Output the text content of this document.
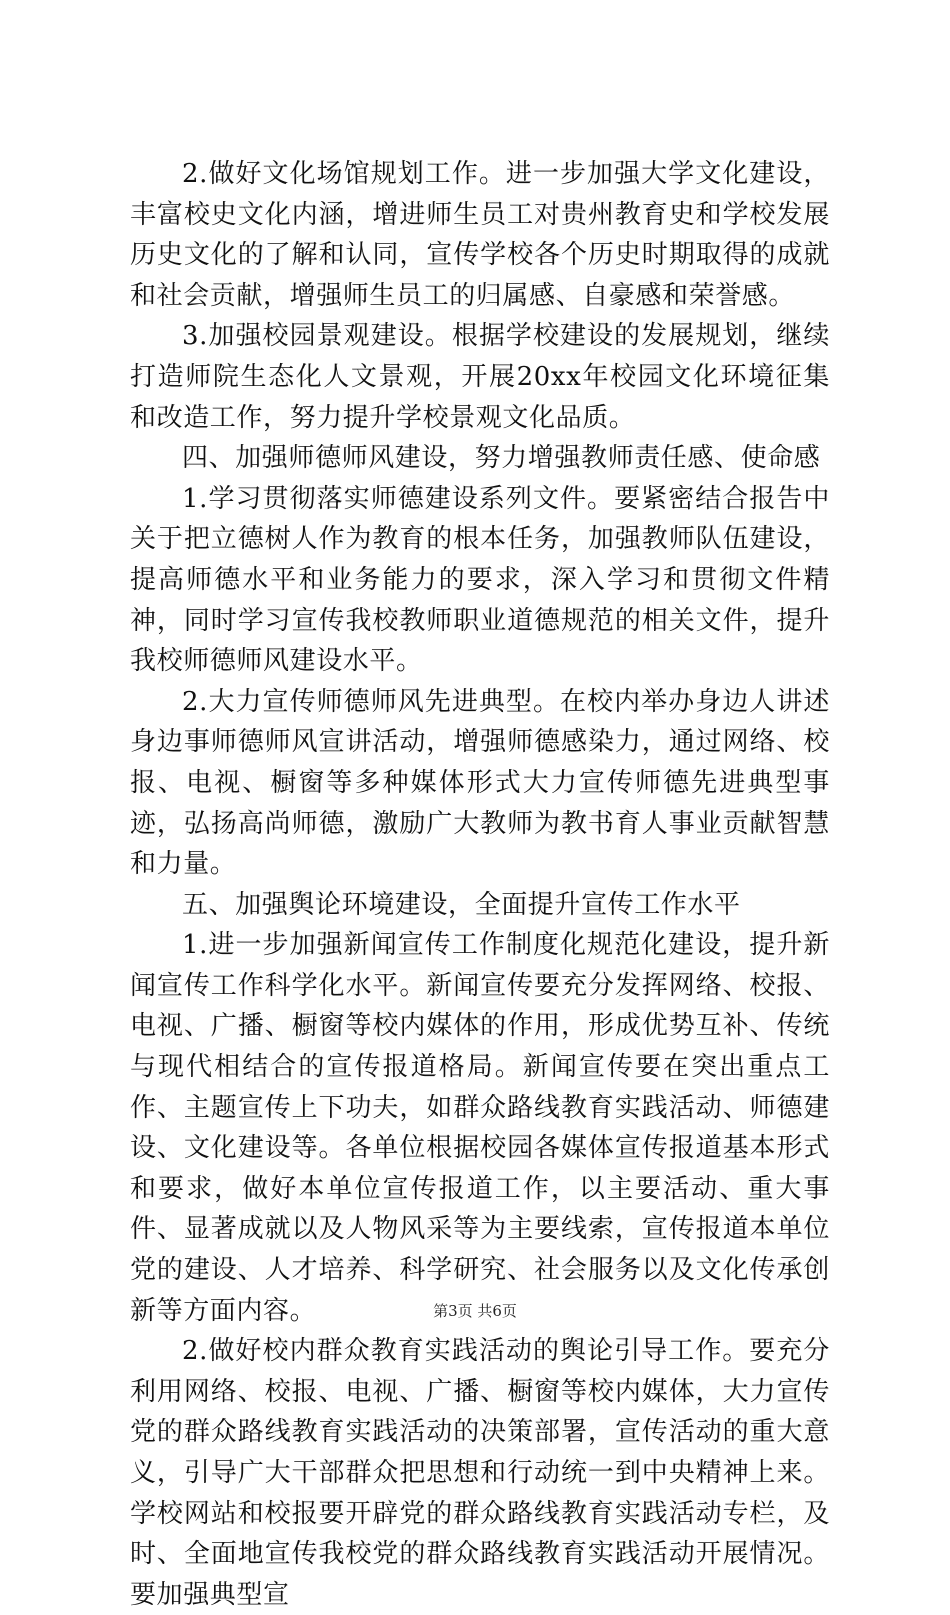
2.做好文化场馆规划工作。进一步加强大学文化建设，丰富校史文化内涵，增进师生员工对贵州教育史和学校发展历史文化的了解和认同，宣传学校各个历史时期取得的成就和社会贡献，增强师生员工的归属感、自豪感和荣誉感。

3.加强校园景观建设。根据学校建设的发展规划，继续打造师院生态化人文景观，开展20xx年校园文化环境征集和改造工作，努力提升学校景观文化品质。

四、加强师德师风建设，努力增强教师责任感、使命感

1.学习贯彻落实师德建设系列文件。要紧密结合报告中关于把立德树人作为教育的根本任务，加强教师队伍建设，提高师德水平和业务能力的要求，深入学习和贯彻文件精神，同时学习宣传我校教师职业道德规范的相关文件，提升我校师德师风建设水平。

2.大力宣传师德师风先进典型。在校内举办身边人讲述身边事师德师风宣讲活动，增强师德感染力，通过网络、校报、电视、橱窗等多种媒体形式大力宣传师德先进典型事迹，弘扬高尚师德，激励广大教师为教书育人事业贡献智慧和力量。

五、加强舆论环境建设，全面提升宣传工作水平

1.进一步加强新闻宣传工作制度化规范化建设，提升新闻宣传工作科学化水平。新闻宣传要充分发挥网络、校报、电视、广播、橱窗等校内媒体的作用，形成优势互补、传统与现代相结合的宣传报道格局。新闻宣传要在突出重点工作、主题宣传上下功夫，如群众路线教育实践活动、师德建设、文化建设等。各单位根据校园各媒体宣传报道基本形式和要求，做好本单位宣传报道工作，以主要活动、重大事件、显著成就以及人物风采等为主要线索，宣传报道本单位党的建设、人才培养、科学研究、社会服务以及文化传承创新等方面内容。

2.做好校内群众教育实践活动的舆论引导工作。要充分利用网络、校报、电视、广播、橱窗等校内媒体，大力宣传党的群众路线教育实践活动的决策部署，宣传活动的重大意义，引导广大干部群众把思想和行动统一到中央精神上来。学校网站和校报要开辟党的群众路线教育实践活动专栏，及时、全面地宣传我校党的群众路线教育实践活动开展情况。要加强典型宣

第3页 共6页
